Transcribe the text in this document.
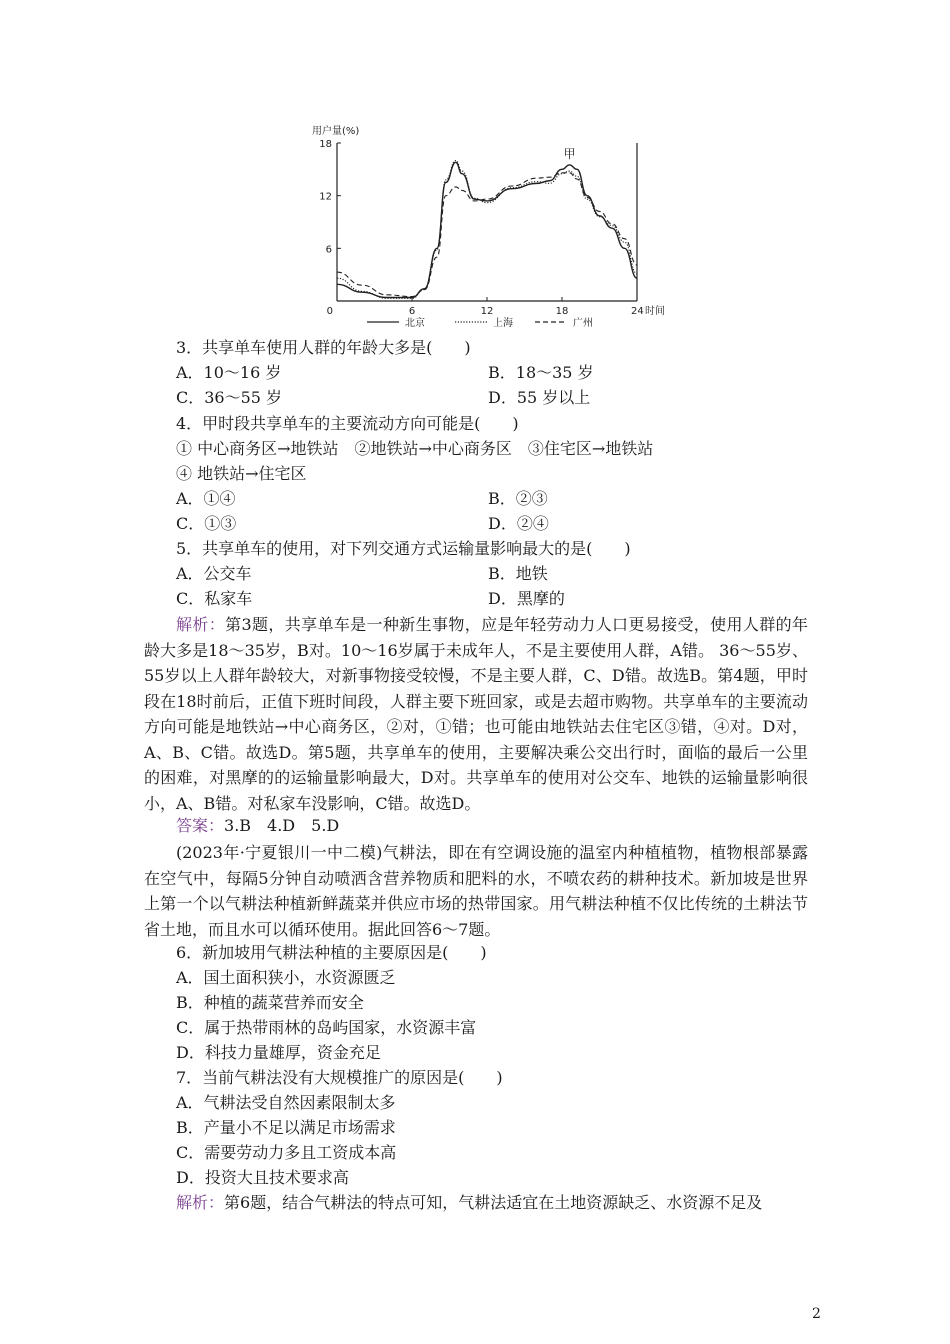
用户量(%)
6
12
18
0	6	12	18	24 时间
甲
北京	上海	广州
3．共享单车使用人群的年龄大多是(　　)
A．10～16 岁	B．18～35 岁
C．36～55 岁	D．55 岁以上
4．甲时段共享单车的主要流动方向可能是(　　)
① 中心商务区→地铁站　②地铁站→中心商务区　③住宅区→地铁站
④ 地铁站→住宅区
A．①④	B．②③
C．①③	D．②④
5．共享单车的使用，对下列交通方式运输量影响最大的是(　　)
A．公交车	B．地铁
C．私家车	D．黑摩的
解析：第3题，共享单车是一种新生事物，应是年轻劳动力人口更易接受，使用人群的年龄大多是18～35岁，B对。10～16岁属于未成年人，不是主要使用人群，A错。 36～55岁、55岁以上人群年龄较大，对新事物接受较慢，不是主要人群，C、D错。故选B。第4题，甲时段在18时前后，正值下班时间段，人群主要下班回家，或是去超市购物。共享单车的主要流动方向可能是地铁站→中心商务区，②对，①错；也可能由地铁站去住宅区③错，④对。D对，A、B、C错。故选D。第5题，共享单车的使用，主要解决乘公交出行时，面临的最后一公里的困难，对黑摩的的运输量影响最大，D对。共享单车的使用对公交车、地铁的运输量影响很小，A、B错。对私家车没影响，C错。故选D。
答案：3.B　4.D　5.D
(2023年·宁夏银川一中二模)气耕法，即在有空调设施的温室内种植植物，植物根部暴露在空气中，每隔5分钟自动喷洒含营养物质和肥料的水，不喷农药的耕种技术。新加坡是世界上第一个以气耕法种植新鲜蔬菜并供应市场的热带国家。用气耕法种植不仅比传统的土耕法节省土地，而且水可以循环使用。据此回答6～7题。
6．新加坡用气耕法种植的主要原因是(　　)
A．国土面积狭小，水资源匮乏
B．种植的蔬菜营养而安全
C．属于热带雨林的岛屿国家，水资源丰富
D．科技力量雄厚，资金充足
7．当前气耕法没有大规模推广的原因是(　　)
A．气耕法受自然因素限制太多
B．产量小不足以满足市场需求
C．需要劳动力多且工资成本高
D．投资大且技术要求高
解析：第6题，结合气耕法的特点可知，气耕法适宜在土地资源缺乏、水资源不足及
2
